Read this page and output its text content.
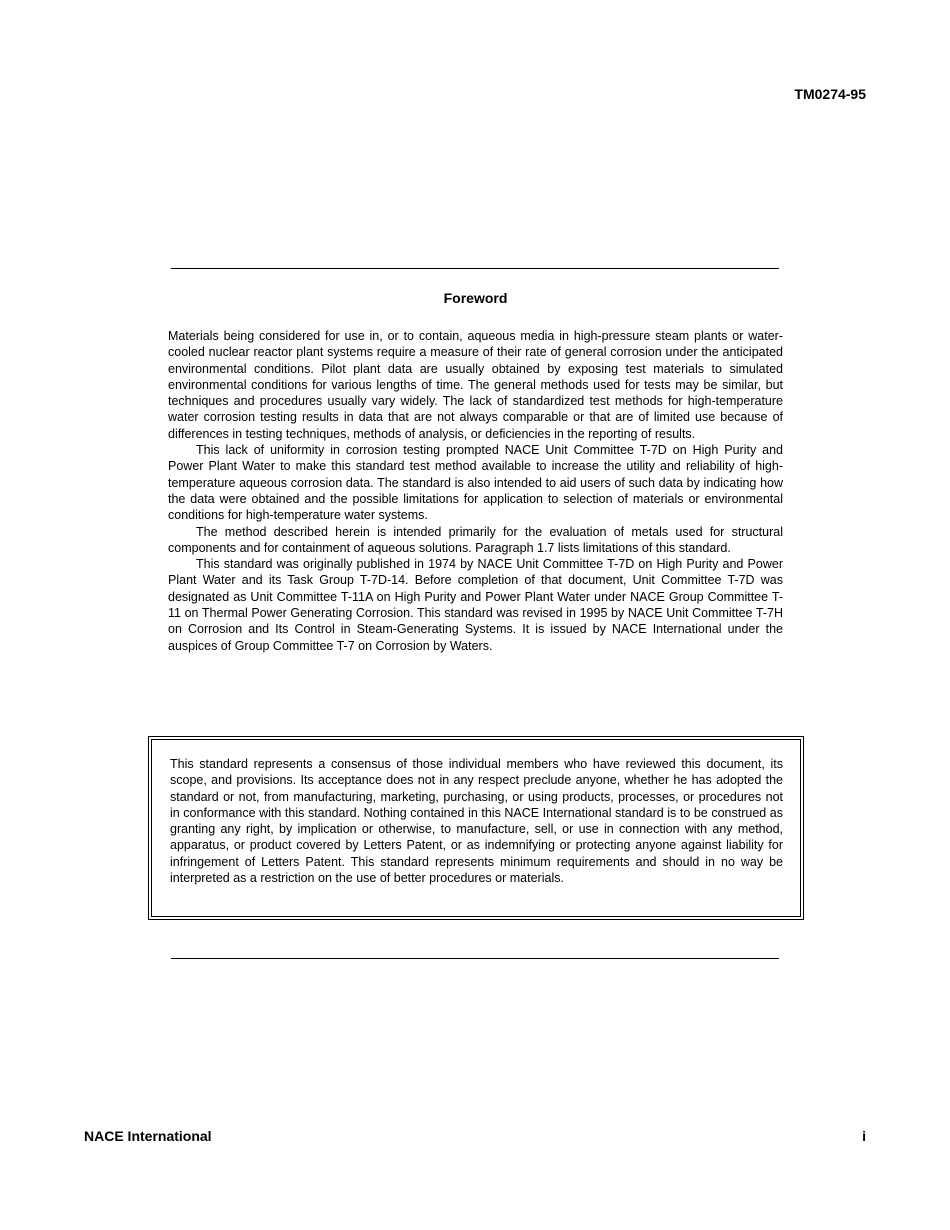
TM0274-95
Foreword

Materials being considered for use in, or to contain, aqueous media in high-pressure steam plants or water-cooled nuclear reactor plant systems require a measure of their rate of general corrosion under the anticipated environmental conditions. Pilot plant data are usually obtained by exposing test materials to simulated environmental conditions for various lengths of time. The general methods used for tests may be similar, but techniques and procedures usually vary widely. The lack of standardized test methods for high-temperature water corrosion testing results in data that are not always comparable or that are of limited use because of differences in testing techniques, methods of analysis, or deficiencies in the reporting of results.

This lack of uniformity in corrosion testing prompted NACE Unit Committee T-7D on High Purity and Power Plant Water to make this standard test method available to increase the utility and reliability of high-temperature aqueous corrosion data. The standard is also intended to aid users of such data by indicating how the data were obtained and the possible limitations for application to selection of materials or environmental conditions for high-temperature water systems.

The method described herein is intended primarily for the evaluation of metals used for structural components and for containment of aqueous solutions. Paragraph 1.7 lists limitations of this standard.

This standard was originally published in 1974 by NACE Unit Committee T-7D on High Purity and Power Plant Water and its Task Group T-7D-14. Before completion of that document, Unit Committee T-7D was designated as Unit Committee T-11A on High Purity and Power Plant Water under NACE Group Committee T-11 on Thermal Power Generating Corrosion. This standard was revised in 1995 by NACE Unit Committee T-7H on Corrosion and Its Control in Steam-Generating Systems. It is issued by NACE International under the auspices of Group Committee T-7 on Corrosion by Waters.

This standard represents a consensus of those individual members who have reviewed this document, its scope, and provisions. Its acceptance does not in any respect preclude anyone, whether he has adopted the standard or not, from manufacturing, marketing, purchasing, or using products, processes, or procedures not in conformance with this standard. Nothing contained in this NACE International standard is to be construed as granting any right, by implication or otherwise, to manufacture, sell, or use in connection with any method, apparatus, or product covered by Letters Patent, or as indemnifying or protecting anyone against liability for infringement of Letters Patent. This standard represents minimum requirements and should in no way be interpreted as a restriction on the use of better procedures or materials.

NACE International	i
